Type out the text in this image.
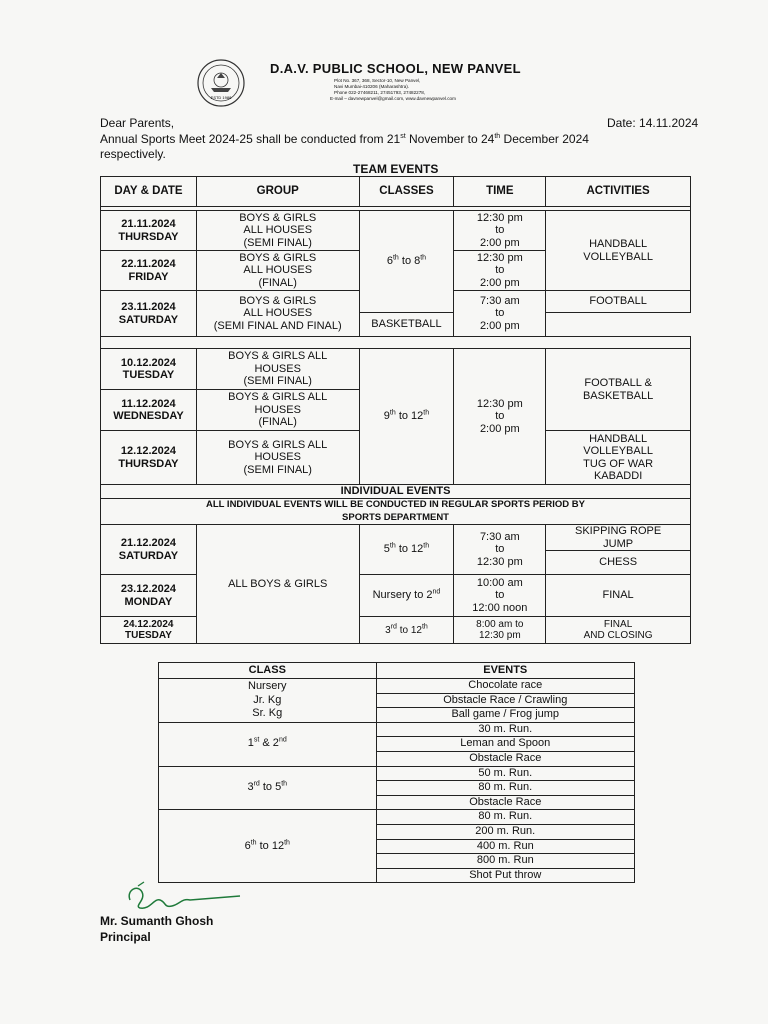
ESTD 1988
D.A.V. PUBLIC SCHOOL, NEW PANVEL
Plot No. 367, 368, Sector-10, New Panvel,
Navi Mumbai-410206 (Maharashtra).
Phone 022-27468211, 27451793, 27482278,
E-mail – davnewpanvel@gmail.com, www.davnewpanvel.com
Dear Parents,	Date: 14.11.2024
Annual Sports Meet 2024-25 shall be conducted from 21st November to 24th December 2024
respectively.
TEAM EVENTS
DAY & DATE	GROUP	CLASSES	TIME	ACTIVITIES

21.11.2024
THURSDAY	BOYS & GIRLS
ALL HOUSES
(SEMI FINAL)	6th to 8th	12:30 pm
to
2:00 pm	HANDBALL
VOLLEYBALL
22.11.2024
FRIDAY	BOYS & GIRLS
ALL HOUSES
(FINAL)		12:30 pm
to
2:00 pm	
23.11.2024
SATURDAY	BOYS & GIRLS
ALL HOUSES
(SEMI FINAL AND FINAL)		7:30 am
to
2:00 pm	FOOTBALL
		BASKETBALL		

10.12.2024
TUESDAY	BOYS & GIRLS ALL
HOUSES
(SEMI FINAL)	9th to 12th	12:30 pm
to
2:00 pm	FOOTBALL &
BASKETBALL
11.12.2024
WEDNESDAY	BOYS & GIRLS ALL
HOUSES
(FINAL)			
12.12.2024
THURSDAY	BOYS & GIRLS ALL
HOUSES
(SEMI FINAL)			HANDBALL
VOLLEYBALL
TUG OF WAR
KABADDI
INDIVIDUAL EVENTS				
ALL INDIVIDUAL EVENTS WILL BE CONDUCTED IN REGULAR SPORTS PERIOD BY
SPORTS DEPARTMENT				
21.12.2024
SATURDAY	ALL BOYS & GIRLS	5th to 12th	7:30 am
to
12:30 pm	SKIPPING ROPE
JUMP
				CHESS
23.12.2024
MONDAY		Nursery to 2nd	10:00 am
to
12:00 noon	FINAL
24.12.2024
TUESDAY		3rd to 12th	8:00 am to
12:30 pm	FINAL
AND CLOSING
CLASS	EVENTS
Nursery
Jr. Kg
Sr. Kg	Chocolate race
	Obstacle Race / Crawling
	Ball game / Frog jump
1st & 2nd	30 m. Run.
	Leman and Spoon
	Obstacle Race
3rd to 5th	50 m. Run.
	80 m. Run.
	Obstacle Race
6th to 12th	80 m. Run.
	200 m. Run.
	400 m. Run
	800 m. Run
	Shot Put throw
Mr. Sumanth Ghosh
Principal
